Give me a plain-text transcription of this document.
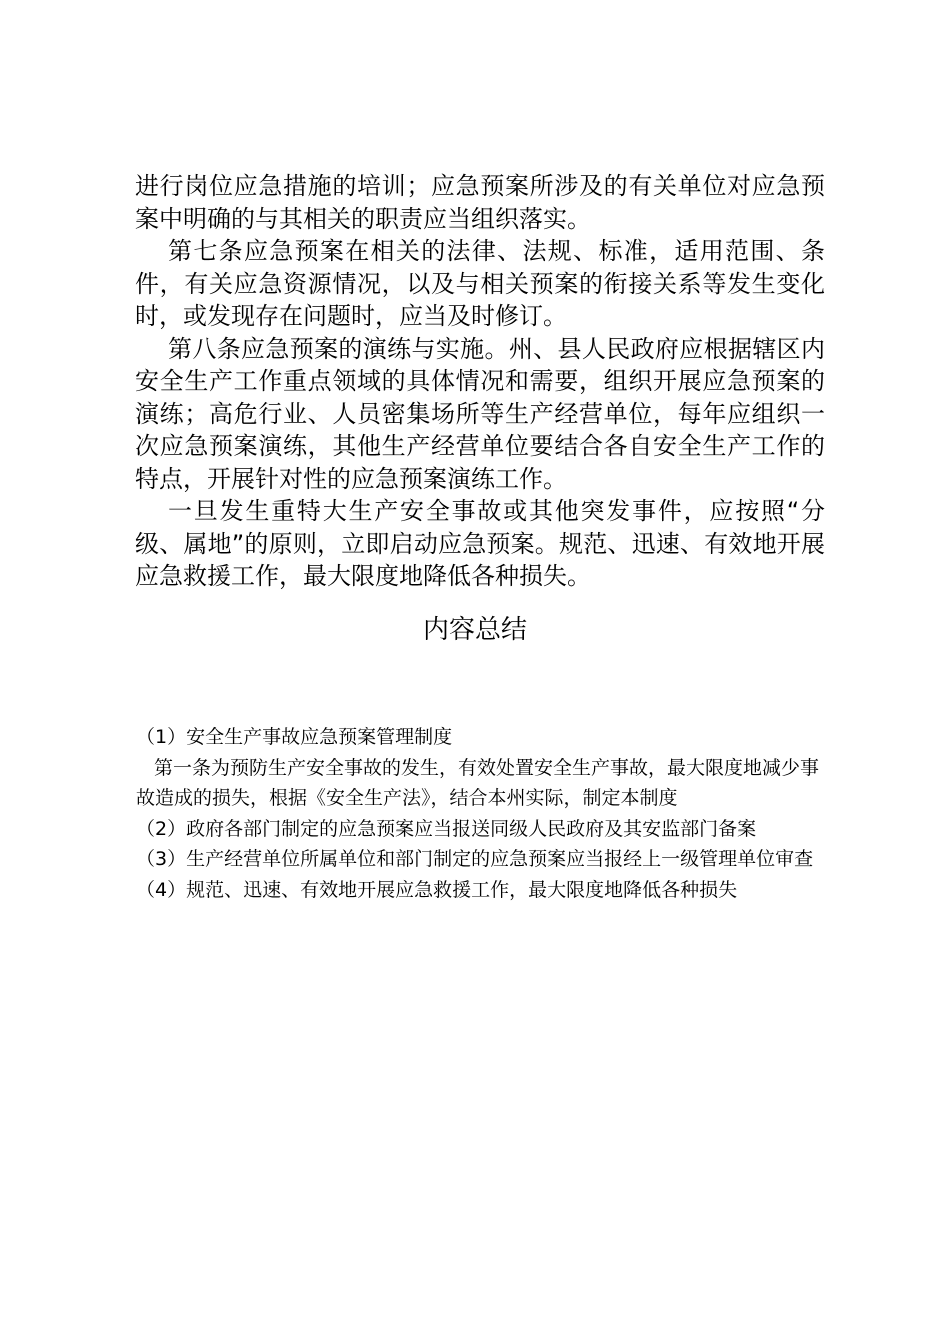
进行岗位应急措施的培训；应急预案所涉及的有关单位对应急预案中明确的与其相关的职责应当组织落实。

第七条应急预案在相关的法律、法规、标准，适用范围、条件，有关应急资源情况，以及与相关预案的衔接关系等发生变化时，或发现存在问题时，应当及时修订。

第八条应急预案的演练与实施。州、县人民政府应根据辖区内安全生产工作重点领域的具体情况和需要，组织开展应急预案的演练；高危行业、人员密集场所等生产经营单位，每年应组织一次应急预案演练，其他生产经营单位要结合各自安全生产工作的特点，开展针对性的应急预案演练工作。

一旦发生重特大生产安全事故或其他突发事件，应按照“分级、属地”的原则，立即启动应急预案。规范、迅速、有效地开展应急救援工作，最大限度地降低各种损失。

内容总结

（1）安全生产事故应急预案管理制度

第一条为预防生产安全事故的发生，有效处置安全生产事故，最大限度地减少事故造成的损失，根据《安全生产法》，结合本州实际，制定本制度

（2）政府各部门制定的应急预案应当报送同级人民政府及其安监部门备案

（3）生产经营单位所属单位和部门制定的应急预案应当报经上一级管理单位审查

（4）规范、迅速、有效地开展应急救援工作，最大限度地降低各种损失
